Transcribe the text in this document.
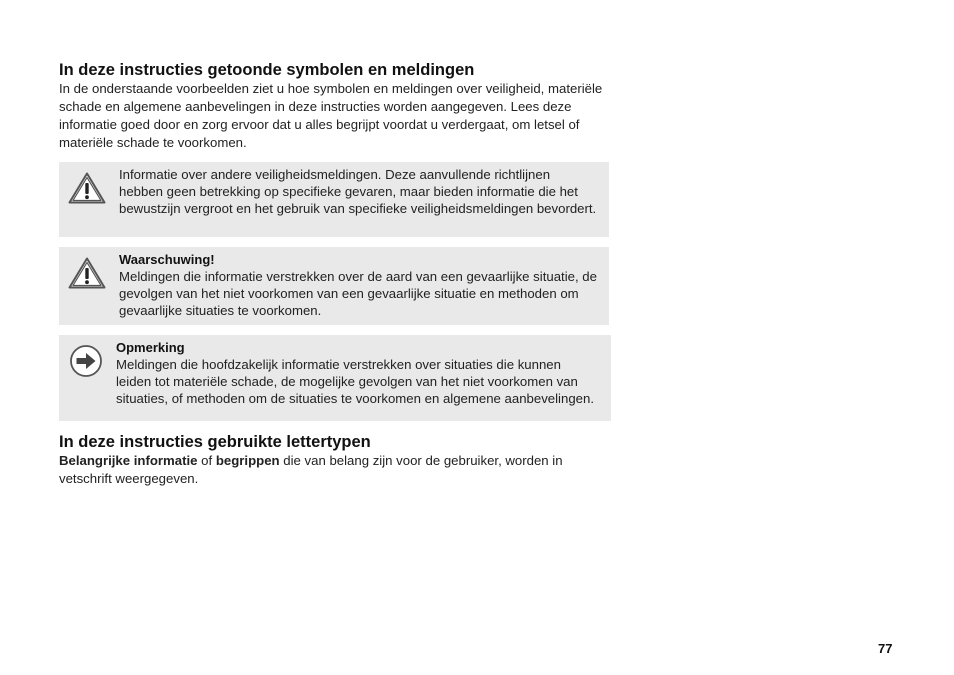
In deze instructies getoonde symbolen en meldingen

In de onderstaande voorbeelden ziet u hoe symbolen en meldingen over veiligheid, materiële schade en algemene aanbevelingen in deze instructies worden aangegeven. Lees deze informatie goed door en zorg ervoor dat u alles begrijpt voordat u verdergaat, om letsel of materiële schade te voorkomen.

Informatie over andere veiligheidsmeldingen. Deze aanvullende richtlijnen hebben geen betrekking op specifieke gevaren, maar bieden informatie die het bewustzijn vergroot en het gebruik van specifieke veiligheidsmeldingen bevordert.
Waarschuwing!
Meldingen die informatie verstrekken over de aard van een gevaarlijke situatie, de gevolgen van het niet voorkomen van een gevaarlijke situatie en methoden om gevaarlijke situaties te voorkomen.
Opmerking
Meldingen die hoofdzakelijk informatie verstrekken over situaties die kunnen leiden tot materiële schade, de mogelijke gevolgen van het niet voorkomen van situaties, of methoden om de situaties te voorkomen en algemene aanbevelingen.
In deze instructies gebruikte lettertypen

Belangrijke informatie of begrippen die van belang zijn voor de gebruiker, worden in vetschrift weergegeven.

77
